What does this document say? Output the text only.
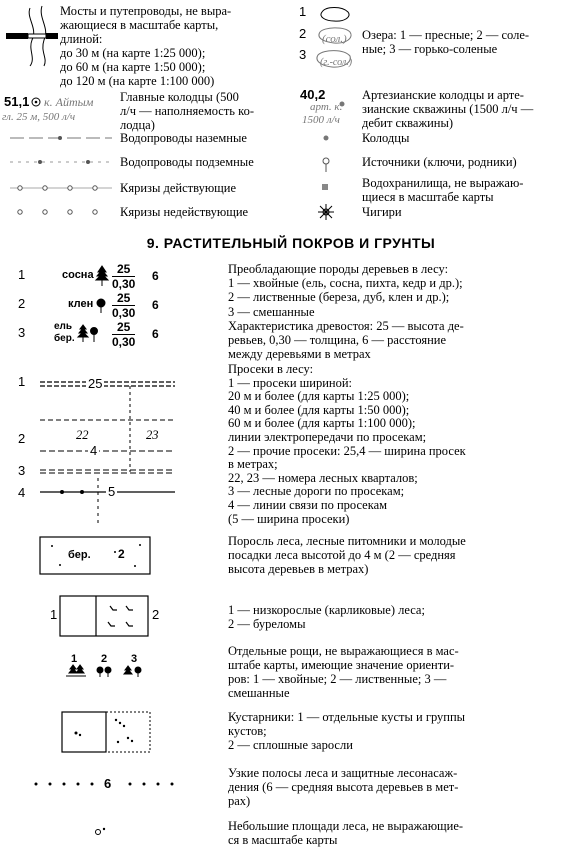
Мосты и путепроводы, не выра-
жающиеся в масштабе карты,
длиной:
до 30 м (на карте 1:25 000);
до 60 м (на карте 1:50 000);
до 120 м (на карте 1:100 000)
1
2
3
(сол.)
(г.-сол.)
Озера: 1 — пресные; 2 — соле-
ные; 3 — горько-соленые
51,1 к. Айтым
гл. 25 м, 500 л/ч
Главные колодцы (500
л/ч — наполняемость ко-
лодца)
40,2
арт. к.
1500 л/ч
Артезианские колодцы и арте-
зианские скважины (1500 л/ч —
дебит скважины)
Водопроводы наземные
Водопроводы подземные
Кяризы действующие
Кяризы недействующие
Колодцы
Источники (ключи, родники)
Водохранилища, не выражаю-
щиеся в масштабе карты
Чигири
9. РАСТИТЕЛЬНЫЙ ПОКРОВ И ГРУНТЫ
1
2
3
сосна
клен
ель
бер.
$\frac{25}{0,30} 6$
$\frac{25}{0,30} 6$
$\frac{25}{0,30} 6$
Преобладающие породы деревьев в лесу:
1 — хвойные (ель, сосна, пихта, кедр и др.);
2 — лиственные (береза, дуб, клен и др.);
3 — смешанные
Характеристика древостоя: 25 — высота де-
ревьев, 0,30 — толщина, 6 — расстояние
между деревьями в метрах
1
2
3
4
25
22	23
4
5
Просеки в лесу:
1 — просеки шириной:
20 м и более (для карты 1:25 000);
40 м и более (для карты 1:50 000);
60 м и более (для карты 1:100 000);
линии электропередачи по просекам;
2 — прочие просеки: 25,4 — ширина просек
в метрах;
22, 23 — номера лесных кварталов;
3 — лесные дороги по просекам;
4 — линии связи по просекам
(5 — ширина просеки)
бер. 2
Поросль леса, лесные питомники и молодые
посадки леса высотой до 4 м (2 — средняя
высота деревьев в метрах)
1	2	1 — низкорослые (карликовые) леса;
2 — буреломы
1 2 3
Отдельные рощи, не выражающиеся в мас-
штабе карты, имеющие значение ориенти-
ров: 1 — хвойные; 2 — лиственные; 3 —
смешанные
Кустарники: 1 — отдельные кусты и группы
кустов;
2 — сплошные заросли
6
Узкие полосы леса и защитные лесонасаж-
дения (6 — средняя высота деревьев в мет-
рах)
Небольшие площади леса, не выражающие-
ся в масштабе карты
